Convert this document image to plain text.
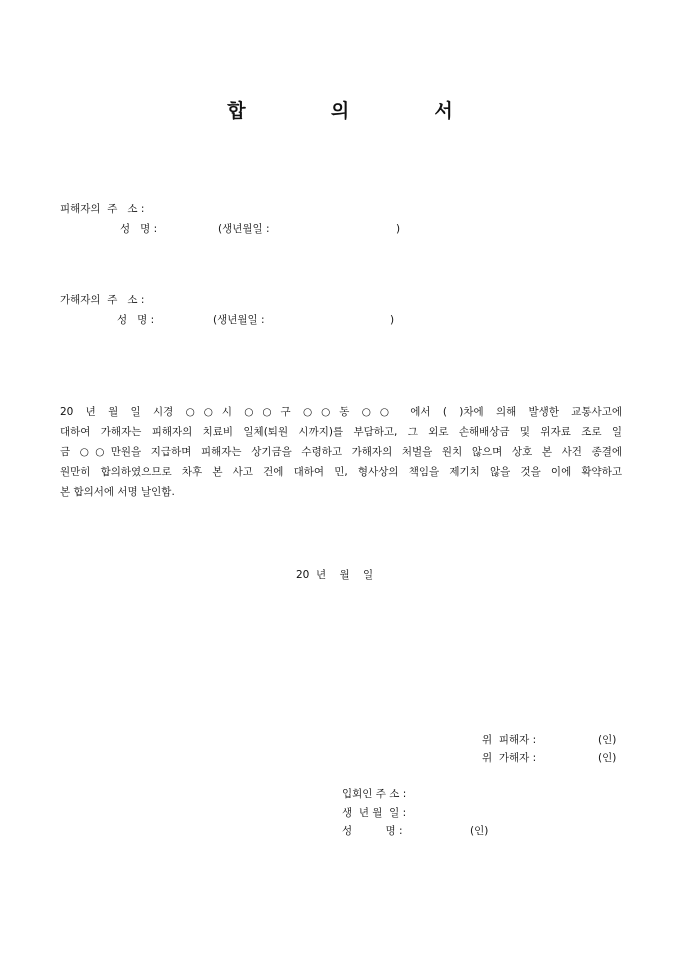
합  의  서
피해자의  주   소 :
성   명 :	(생년월일 :	)
가해자의  주   소 :
성   명 :	(생년월일 :	)
20 년 월 일 시경 ○○시 ○○구 ○○동 ○○ 에서 ( )차에 의해 발생한 교통사고에
대하여 가해자는 피해자의 치료비 일체(퇴원 시까지)를 부담하고, 그 외로 손해배상금 및 위자료 조로 일
금 ○○만원을 지급하며 피해자는 상기금을 수령하고 가해자의 처벌을 원치 않으며 상호 본 사건 종결에
원만히 합의하였으므로 차후 본 사고 건에 대하여 민, 형사상의 책임을 제기치 않을 것을 이에 확약하고
본 합의서에 서명 날인함.
20  년    월    일
위  피해자 :	(인)
위  가해자 :	(인)
입회인 주 소 :
생  년 월  일 :
성          명 :	(인)
